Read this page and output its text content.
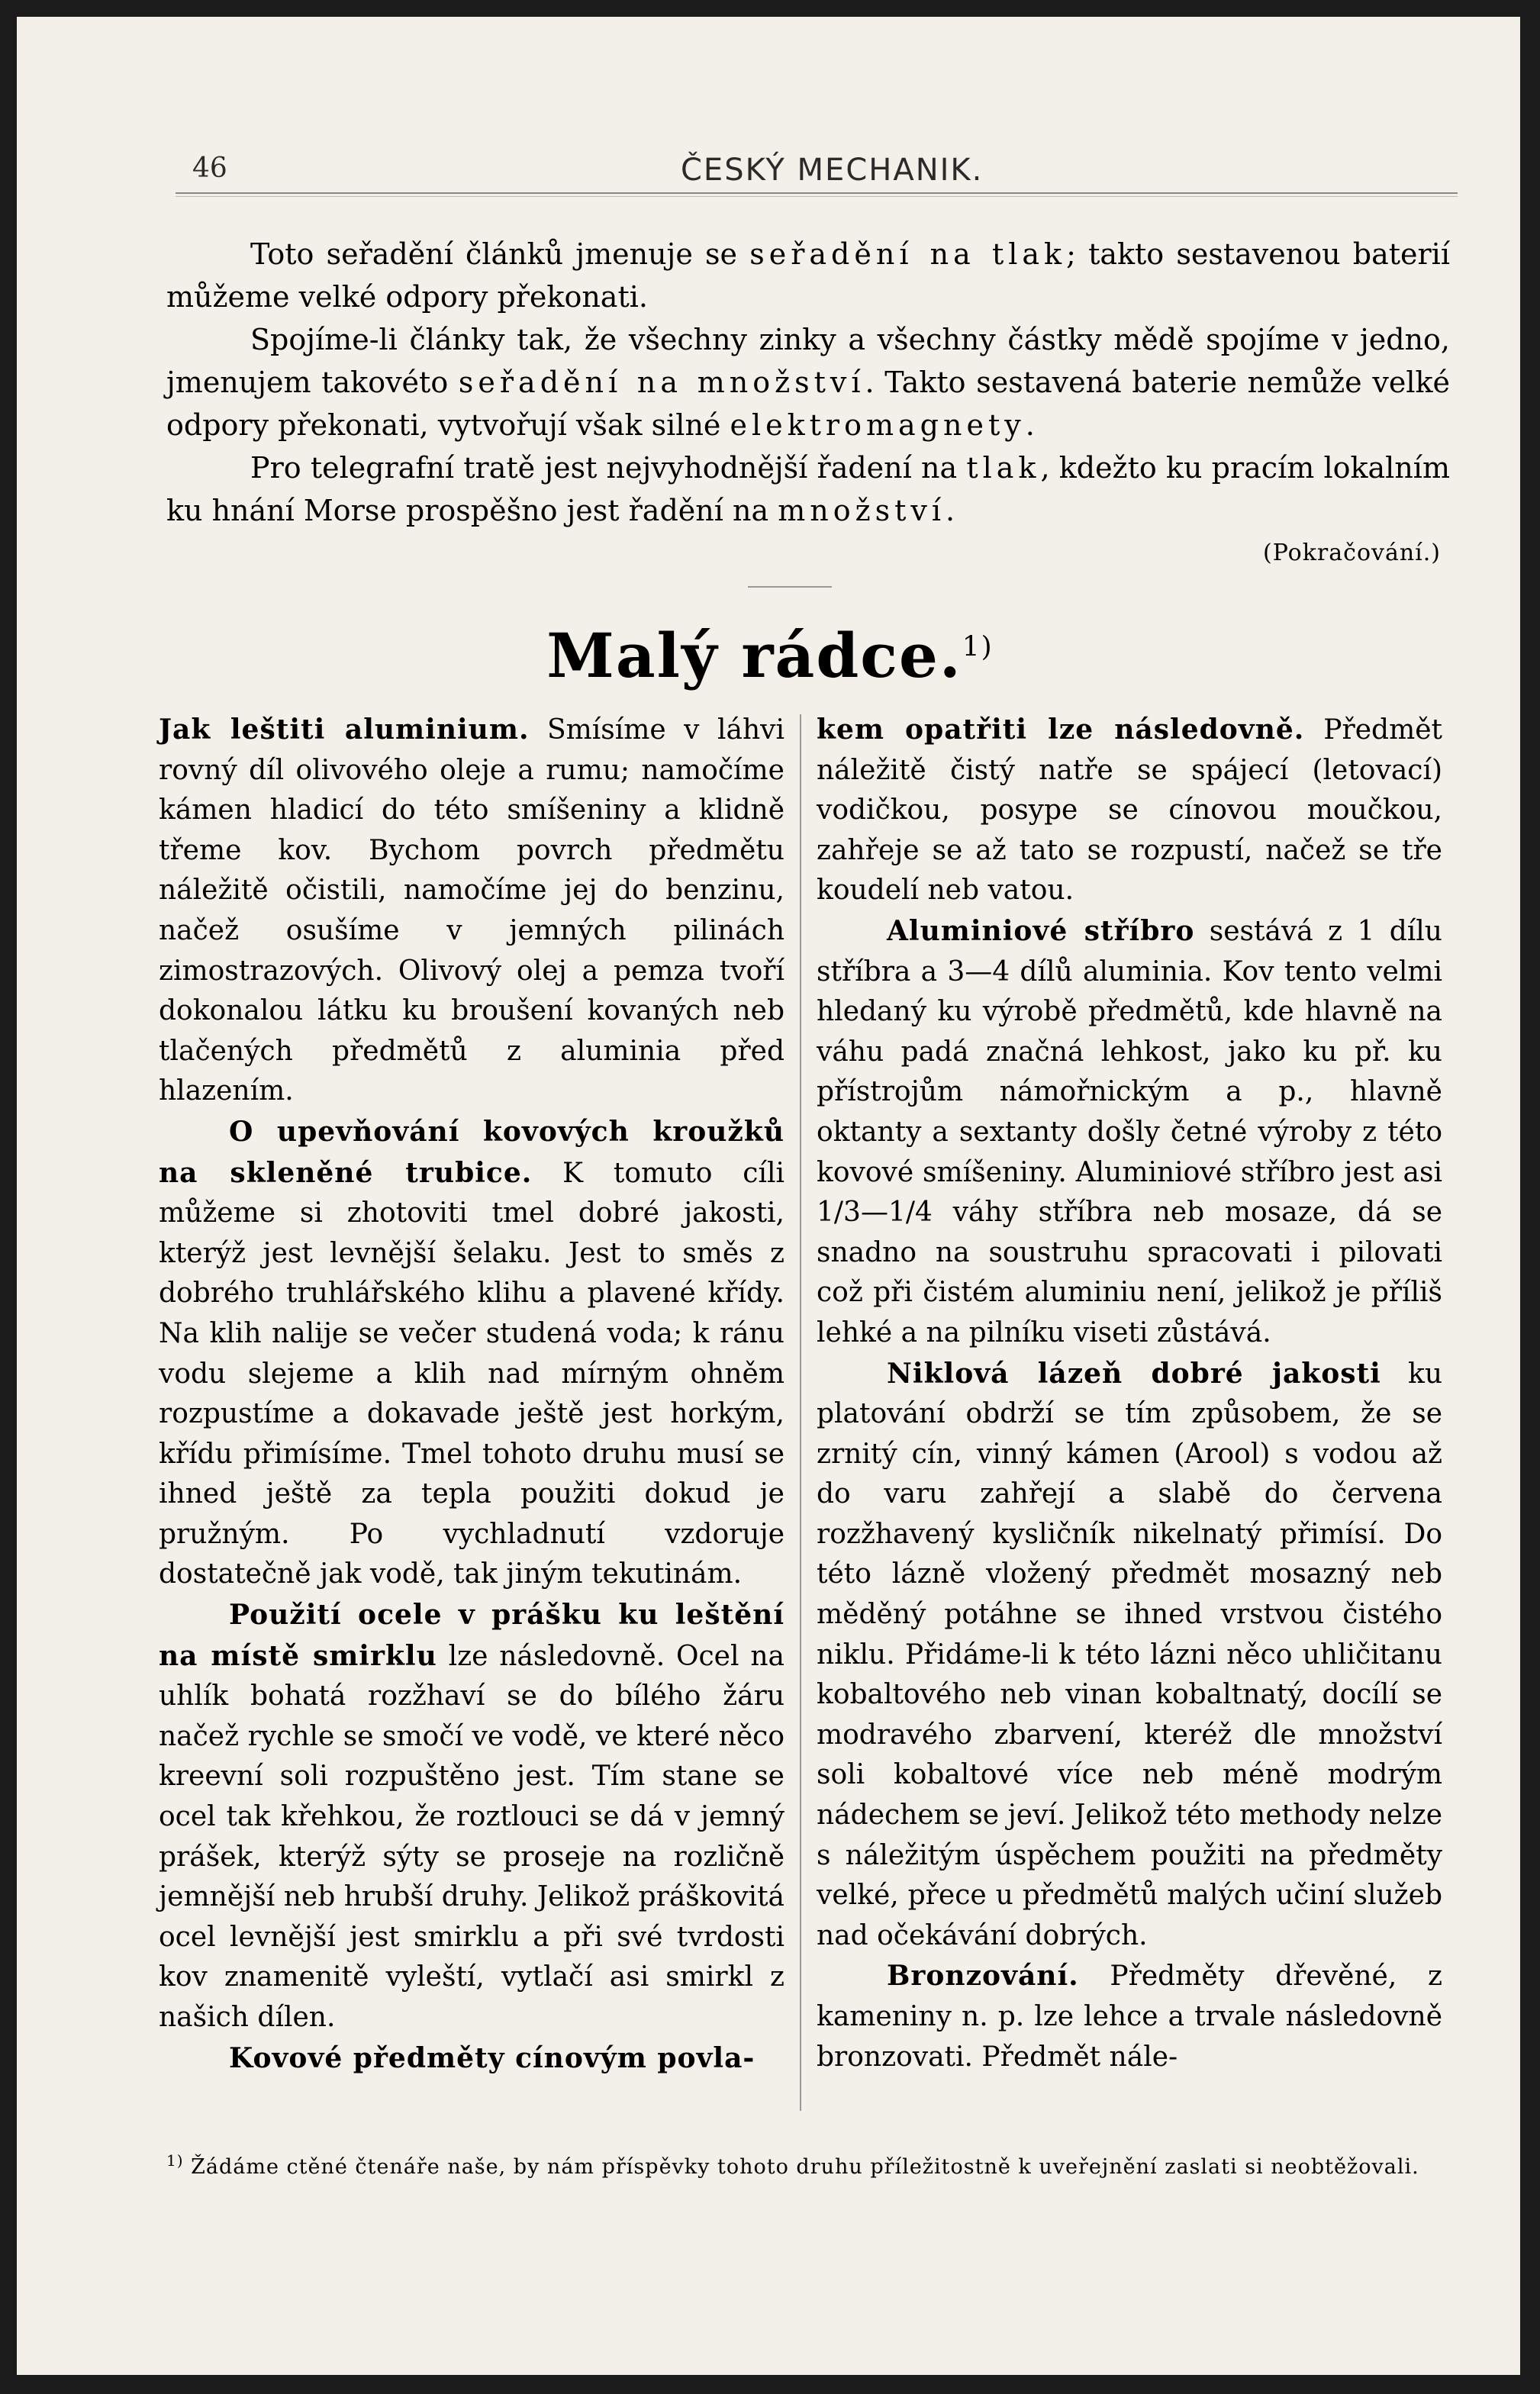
46	ČESKÝ MECHANIK.

Toto seřadění článků jmenuje se seřadění na tlak; takto sestavenou baterií můžeme velké odpory překonati.

Spojíme-li články tak, že všechny zinky a všechny částky mědě spojíme v jedno, jmenujem takovéto seřadění na množství. Takto sestavená baterie nemůže velké odpory překonati, vytvořují však silné elektromagnety.

Pro telegrafní tratě jest nejvyhodnější řadení na tlak, kdežto ku pracím lokalním ku hnání Morse prospěšno jest řadění na množství.

(Pokračování.)
Malý rádce.$^{1)}$

Jak leštiti aluminium. Smísíme v láhvi rovný díl olivového oleje a rumu; namočíme kámen hladicí do této smíšeniny a klidně třeme kov. Bychom povrch předmětu náležitě očistili, namočíme jej do benzinu, načež osušíme v jemných pilinách zimostrazových. Olivový olej a pemza tvoří dokonalou látku ku broušení kovaných neb tlačených předmětů z aluminia před hlazením.

O upevňování kovových kroužků na skleněné trubice. K tomuto cíli můžeme si zhotoviti tmel dobré jakosti, kterýž jest levnější šelaku. Jest to směs z dobrého truhlářského klihu a plavené křídy. Na klih nalije se večer studená voda; k ránu vodu slejeme a klih nad mírným ohněm rozpustíme a dokavade ještě jest horkým, křídu přimísíme. Tmel tohoto druhu musí se ihned ještě za tepla použiti dokud je pružným. Po vychladnutí vzdoruje dostatečně jak vodě, tak jiným tekutinám.

Použití ocele v prášku ku leštění na místě smirklu lze následovně. Ocel na uhlík bohatá rozžhaví se do bílého žáru načež rychle se smočí ve vodě, ve které něco kreevní soli rozpuštěno jest. Tím stane se ocel tak křehkou, že roztlouci se dá v jemný prášek, kterýž sýty se proseje na rozličně jemnější neb hrubší druhy. Jelikož práškovitá ocel levnější jest smirklu a při své tvrdosti kov znamenitě vyleští, vytlačí asi smirkl z našich dílen.

Kovové předměty cínovým povla-

kem opatřiti lze následovně. Předmět náležitě čistý natře se spájecí (letovací) vodičkou, posype se cínovou moučkou, zahřeje se až tato se rozpustí, načež se tře koudelí neb vatou.

Aluminiové stříbro sestává z 1 dílu stříbra a 3—4 dílů aluminia. Kov tento velmi hledaný ku výrobě předmětů, kde hlavně na váhu padá značná lehkost, jako ku př. ku přístrojům námořnickým a p., hlavně oktanty a sextanty došly četné výroby z této kovové smíšeniny. Aluminiové stříbro jest asi 1/3—1/4 váhy stříbra neb mosaze, dá se snadno na soustruhu spracovati i pilovati což při čistém aluminiu není, jelikož je příliš lehké a na pilníku viseti zůstává.

Niklová lázeň dobré jakosti ku platování obdrží se tím způsobem, že se zrnitý cín, vinný kámen (Arool) s vodou až do varu zahřejí a slabě do červena rozžhavený kysličník nikelnatý přimísí. Do této lázně vložený předmět mosazný neb měděný potáhne se ihned vrstvou čistého niklu. Přidáme-li k této lázni něco uhličitanu kobaltového neb vinan kobaltnatý, docílí se modravého zbarvení, kteréž dle množství soli kobaltové více neb méně modrým nádechem se jeví. Jelikož této methody nelze s náležitým úspěchem použiti na předměty velké, přece u předmětů malých učiní služeb nad očekávání dobrých.

Bronzování. Předměty dřevěné, z kameniny n. p. lze lehce a trvale následovně bronzovati. Předmět nále-

$^{1)}$ Žádáme ctěné čtenáře naše, by nám příspěvky tohoto druhu příležitostně k uveřejnění zaslati si neobtěžovali.
